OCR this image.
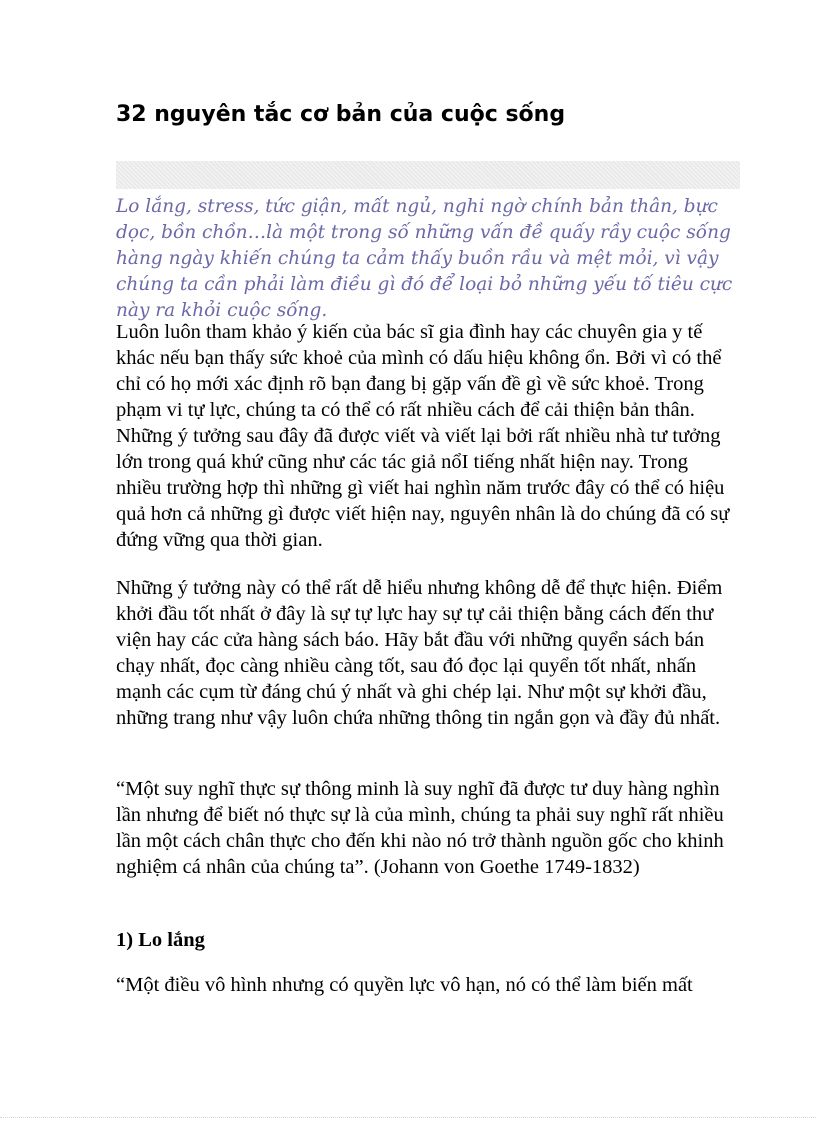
32 nguyên tắc cơ bản của cuộc sống

Lo lắng, stress, tức giận, mất ngủ, nghi ngờ chính bản thân, bực dọc, bồn chồn…là một trong số những vấn đề quấy rầy cuộc sống hàng ngày khiến chúng ta cảm thấy buồn rầu và mệt mỏi, vì vậy chúng ta cần phải làm điều gì đó để loại bỏ những yếu tố tiêu cực này ra khỏi cuộc sống.

Luôn luôn tham khảo ý kiến của bác sĩ gia đình hay các chuyên gia y tế khác nếu bạn thấy sức khoẻ của mình có dấu hiệu không ổn. Bởi vì có thể chỉ có họ mới xác định rõ bạn đang bị gặp vấn đề gì về sức khoẻ. Trong phạm vi tự lực, chúng ta có thể có rất nhiều cách để cải thiện bản thân. Những ý tưởng sau đây đã được viết và viết lại bởi rất nhiều nhà tư tưởng lớn trong quá khứ cũng như các tác giả nổI tiếng nhất hiện nay. Trong nhiều trường hợp thì những gì viết hai nghìn năm trước đây có thể có hiệu quả hơn cả những gì được viết hiện nay, nguyên nhân là do chúng đã có sự đứng vững qua thời gian.

Những ý tưởng này có thể rất dễ hiểu nhưng không dễ để thực hiện. Điểm khởi đầu tốt nhất ở đây là sự tự lực hay sự tự cải thiện bằng cách đến thư viện hay các cửa hàng sách báo. Hãy bắt đầu với những quyển sách bán chạy nhất, đọc càng nhiều càng tốt, sau đó đọc lại quyển tốt nhất, nhấn mạnh các cụm từ đáng chú ý nhất và ghi chép lại. Như một sự khởi đầu, những trang như vậy luôn chứa những thông tin ngắn gọn và đầy đủ nhất.

“Một suy nghĩ thực sự thông minh là suy nghĩ đã được tư duy hàng nghìn lần nhưng để biết nó thực sự là của mình, chúng ta phải suy nghĩ rất nhiều lần một cách chân thực cho đến khi nào nó trở thành nguồn gốc cho khinh nghiệm cá nhân của chúng ta”. (Johann von Goethe 1749-1832)

1) Lo lắng

“Một điều vô hình nhưng có quyền lực vô hạn, nó có thể làm biến mất
